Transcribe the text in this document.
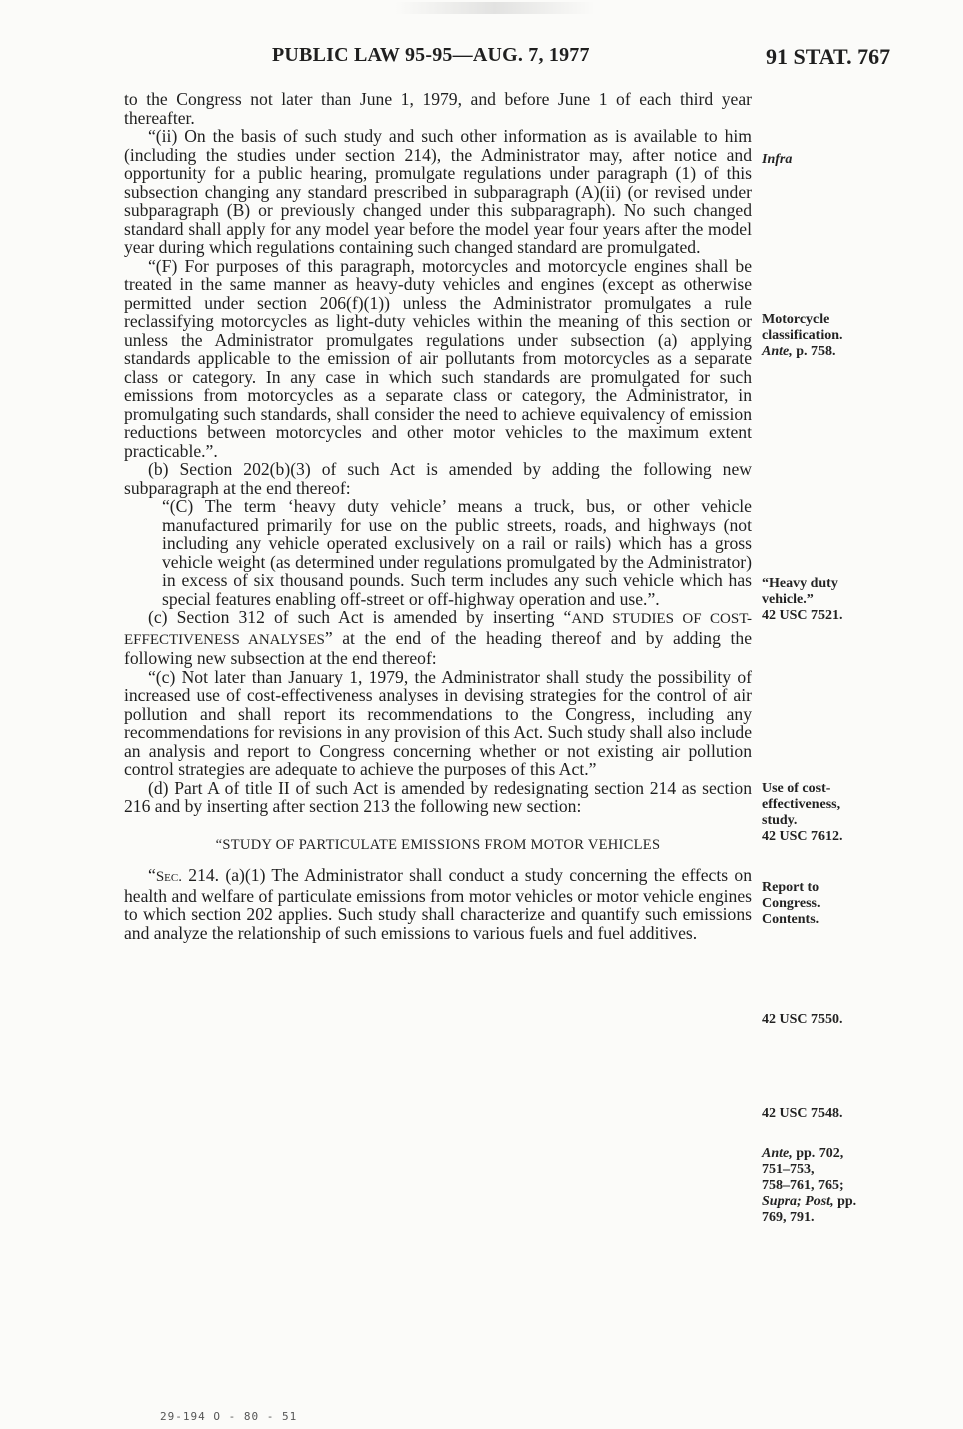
PUBLIC LAW 95-95—AUG. 7, 1977	91 STAT. 767

to the Congress not later than June 1, 1979, and before June 1 of each third year thereafter.

“(ii) On the basis of such study and such other information as is available to him (including the studies under section 214), the Administrator may, after notice and opportunity for a public hearing, promulgate regulations under paragraph (1) of this subsection changing any standard prescribed in subparagraph (A)(ii) (or revised under subparagraph (B) or previously changed under this subparagraph). No such changed standard shall apply for any model year before the model year four years after the model year during which regulations containing such changed standard are promulgated.

“(F) For purposes of this paragraph, motorcycles and motorcycle engines shall be treated in the same manner as heavy-duty vehicles and engines (except as otherwise permitted under section 206(f)(1)) unless the Administrator promulgates a rule reclassifying motorcycles as light-duty vehicles within the meaning of this section or unless the Administrator promulgates regulations under subsection (a) applying standards applicable to the emission of air pollutants from motorcycles as a separate class or category. In any case in which such standards are promulgated for such emissions from motorcycles as a separate class or category, the Administrator, in promulgating such standards, shall consider the need to achieve equivalency of emission reductions between motorcycles and other motor vehicles to the maximum extent practicable.”.

(b) Section 202(b)(3) of such Act is amended by adding the following new subparagraph at the end thereof:

“(C) The term ‘heavy duty vehicle’ means a truck, bus, or other vehicle manufactured primarily for use on the public streets, roads, and highways (not including any vehicle operated exclusively on a rail or rails) which has a gross vehicle weight (as determined under regulations promulgated by the Administrator) in excess of six thousand pounds. Such term includes any such vehicle which has special features enabling off-street or off-highway operation and use.”.

(c) Section 312 of such Act is amended by inserting “AND STUDIES OF COST-EFFECTIVENESS ANALYSES” at the end of the heading thereof and by adding the following new subsection at the end thereof:

“(c) Not later than January 1, 1979, the Administrator shall study the possibility of increased use of cost-effectiveness analyses in devising strategies for the control of air pollution and shall report its recommendations to the Congress, including any recommendations for revisions in any provision of this Act. Such study shall also include an analysis and report to Congress concerning whether or not existing air pollution control strategies are adequate to achieve the purposes of this Act.”

(d) Part A of title II of such Act is amended by redesignating section 214 as section 216 and by inserting after section 213 the following new section:

“STUDY OF PARTICULATE EMISSIONS FROM MOTOR VEHICLES

“Sec. 214. (a)(1) The Administrator shall conduct a study concerning the effects on health and welfare of particulate emissions from motor vehicles or motor vehicle engines to which section 202 applies. Such study shall characterize and quantify such emissions and analyze the relationship of such emissions to various fuels and fuel additives.

Infra
Motorcycle
classification.
Ante, p. 758.
“Heavy duty
vehicle.”
42 USC 7521.
Use of cost-
effectiveness,
study.
42 USC 7612.
Report to
Congress.
Contents.
42 USC 7550.
42 USC 7548.
Ante, pp. 702,
751–753,
758–761, 765;
Supra; Post, pp.
769, 791.
29-194 O - 80 - 51
